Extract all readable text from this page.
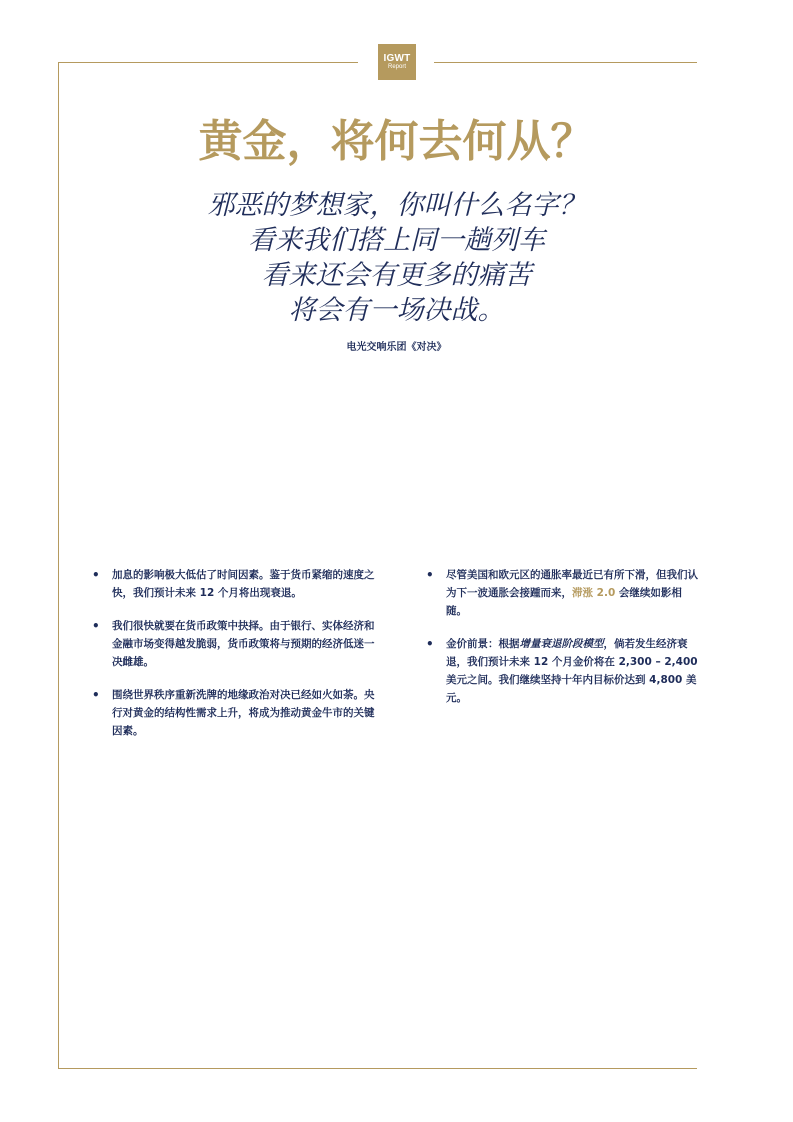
IGWT
Report
黄金，将何去何从？
邪恶的梦想家，你叫什么名字？
看来我们搭上同一趟列车
看来还会有更多的痛苦
将会有一场决战。
电光交响乐团《对决》
• 加息的影响极大低估了时间因素。鉴于货币紧缩的速度之快，我们预计未来 12 个月将出现衰退。
• 我们很快就要在货币政策中抉择。由于银行、实体经济和金融市场变得越发脆弱，货币政策将与预期的经济低迷一决雌雄。
• 围绕世界秩序重新洗牌的地缘政治对决已经如火如荼。央行对黄金的结构性需求上升，将成为推动黄金牛市的关键因素。
• 尽管美国和欧元区的通胀率最近已有所下滑，但我们认为下一波通胀会接踵而来，滞涨 2.0 会继续如影相随。
• 金价前景：根据增量衰退阶段模型，倘若发生经济衰退，我们预计未来 12 个月金价将在 2,300 – 2,400 美元之间。我们继续坚持十年内目标价达到 4,800 美元。
